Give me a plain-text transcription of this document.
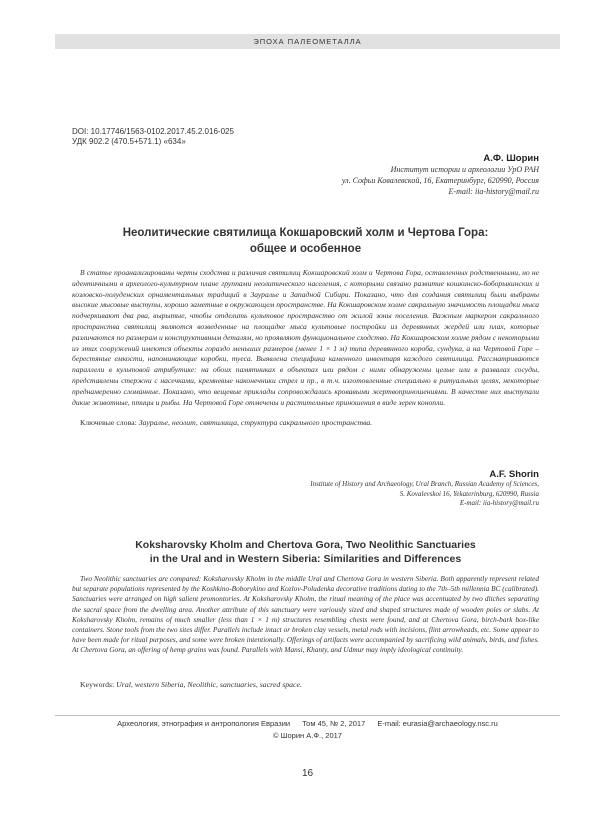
ЭПОХА ПАЛЕОМЕТАЛЛА
DOI: 10.17746/1563-0102.2017.45.2.016-025
УДК 902.2 (470.5+571.1) «634»
А.Ф. Шорин
Институт истории и археологии УрО РАН
ул. Софьи Ковалевской, 16, Екатеринбург, 620990, Россия
E-mail: iia-history@mail.ru
Неолитические святилища Кокшаровский холм и Чертова Гора:
общее и особенное
В статье проанализированы черты сходства и различия святилищ Кокшаровский холм и Чертова Гора, оставленных родственными, но не идентичными в археолого-культурном плане группами неолитического населения, с которыми связано развитие кошкинско-боборыкинских и козловско-полуденских орнаментальных традиций в Зауралье и Западной Сибири. Показано, что для создания святилищ были выбраны высокие мысовые выступы, хорошо заметные в окружающем пространстве. На Кокшаровском холме сакральную значимость площадки мыса подчеркивают два рва, вырытые, чтобы отделить культовое пространство от жилой зоны поселения. Важным маркером сакрального пространства святилищ являются возведенные на площадке мыса культовые постройки из деревянных жердей или плах, которые различаются по размерам и конструктивным деталям, но проявляют функциональное сходство. На Кокшаровском холме рядом с некоторыми из этих сооружений имеются объекты гораздо меньших размеров (менее 1 × 1 м) типа деревянного короба, сундука, а на Чертовой Горе – берестяные емкости, напоминающие коробки, туеса. Выявлена специфика каменного инвентаря каждого святилища. Рассматриваются параллели в культовой атрибутике: на обоих памятниках в объектах или рядом с ними обнаружены целые или в развалах сосуды, представлены стержни с насечками, кремневые наконечники стрел и пр., в т.ч. изготовленные специально в ритуальных целях, некоторые преднамеренно сломанные. Показано, что вещевые приклады сопровождались кровавыми жертвоприношениями. В качестве них выступали дикие животные, птицы и рыбы. На Чертовой Горе отмечены и растительные приношения в виде зерен конопли.
Ключевые слова: Зауралье, неолит, святилища, структура сакрального пространства.
A.F. Shorin
Institute of History and Archaeology, Ural Branch, Russian Academy of Sciences,
S. Kovalevskoi 16, Yekaterinburg, 620990, Russia
E-mail: iia-history@mail.ru
Koksharovsky Kholm and Chertova Gora, Two Neolithic Sanctuaries
in the Ural and in Western Siberia: Similarities and Differences
Two Neolithic sanctuaries are compared: Koksharovsky Kholm in the middle Ural and Chertova Gora in western Siberia. Both apparently represent related but separate populations represented by the Koshkino-Boborykino and Kozlov-Poludenka decorative traditions dating to the 7th–5th millennia BC (calibrated). Sanctuaries were arranged on high salient promontories. At Koksharovsky Kholm, the ritual meaning of the place was accentuated by two ditches separating the sacral space from the dwelling area. Another attribute of this sanctuary were variously sized and shaped structures made of wooden poles or slabs. At Koksharovsky Kholm, remains of much smaller (less than 1 × 1 m) structures resembling chests were found, and at Chertova Gora, birch-bark box-like containers. Stone tools from the two sites differ. Parallels include intact or broken clay vessels, metal rods with incisions, flint arrowheads, etc. Some appear to have been made for ritual purposes, and some were broken intentionally. Offerings of artifacts were accompanied by sacrificing wild animals, birds, and fishes. At Chertova Gora, an offering of hemp grains was found. Parallels with Mansi, Khanty, and Udmur may imply ideological continuity.
Keywords: Ural, western Siberia, Neolithic, sanctuaries, sacred space.
Археология, этнография и антропология Евразии Том 45, № 2, 2017 E-mail: eurasia@archaeology.nsc.ru
© Шорин А.Ф., 2017
16
